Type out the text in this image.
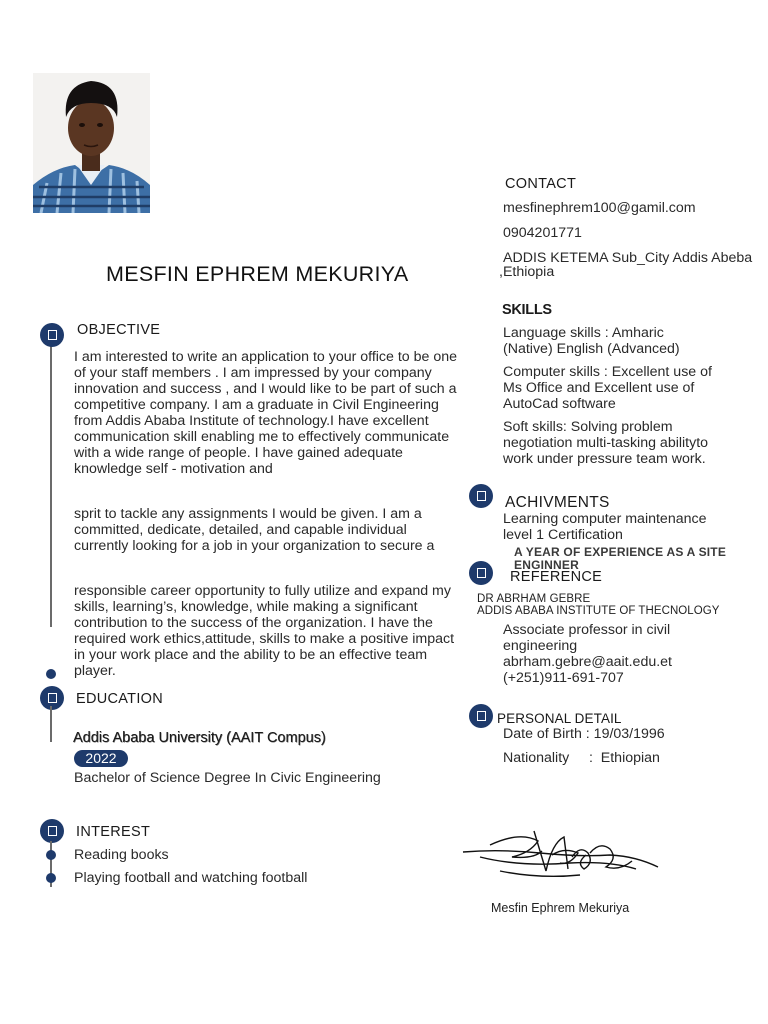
CONTACT
mesfinephrem100@gamil.com
0904201771
ADDIS KETEMA Sub_City Addis Abeba
,Ethiopia
SKILLS
Language skills : Amharic (Native) English (Advanced)
Computer skills : Excellent use of Ms Office and Excellent use of AutoCad software
Soft skills: Solving problem negotiation multi-tasking abilityto work under pressure team work.
ACHIVMENTS
Learning computer maintenance level 1 Certification
A YEAR OF EXPERIENCE AS A SITE ENGINNER
REFERENCE
DR ABRHAM GEBRE
ADDIS ABABA INSTITUTE OF THECNOLOGY
Associate professor in civil engineering
abrham.gebre@aait.edu.et
(+251)911-691-707
PERSONAL DETAIL
Date of Birth : 19/03/1996
Nationality     :  Ethiopian
MESFIN EPHREM MEKURIYA
OBJECTIVE
I am interested to write an application to your office to be one of your staff members . I am impressed by your company innovation and success , and I would like to be part of such a competitive company. I am a graduate in Civil Engineering from Addis Ababa Institute of technology.I have excellent communication skill enabling me to effectively communicate with a wide range of people. I have gained adequate knowledge self - motivation and
sprit to tackle any assignments I would be given. I am a committed, dedicate, detailed, and capable individual currently looking for a job in your organization to secure a
responsible career opportunity to fully utilize and expand my skills, learning’s, knowledge, while making a significant contribution to the success of the organization. I have the required work ethics,attitude, skills to make a positive impact in your work place and the ability to be an effective team player.
EDUCATION
Addis Ababa University (AAIT Compus)
2022
Bachelor of Science Degree In Civic Engineering
INTEREST
Reading books
Playing football and watching football
Mesfin Ephrem Mekuriya
